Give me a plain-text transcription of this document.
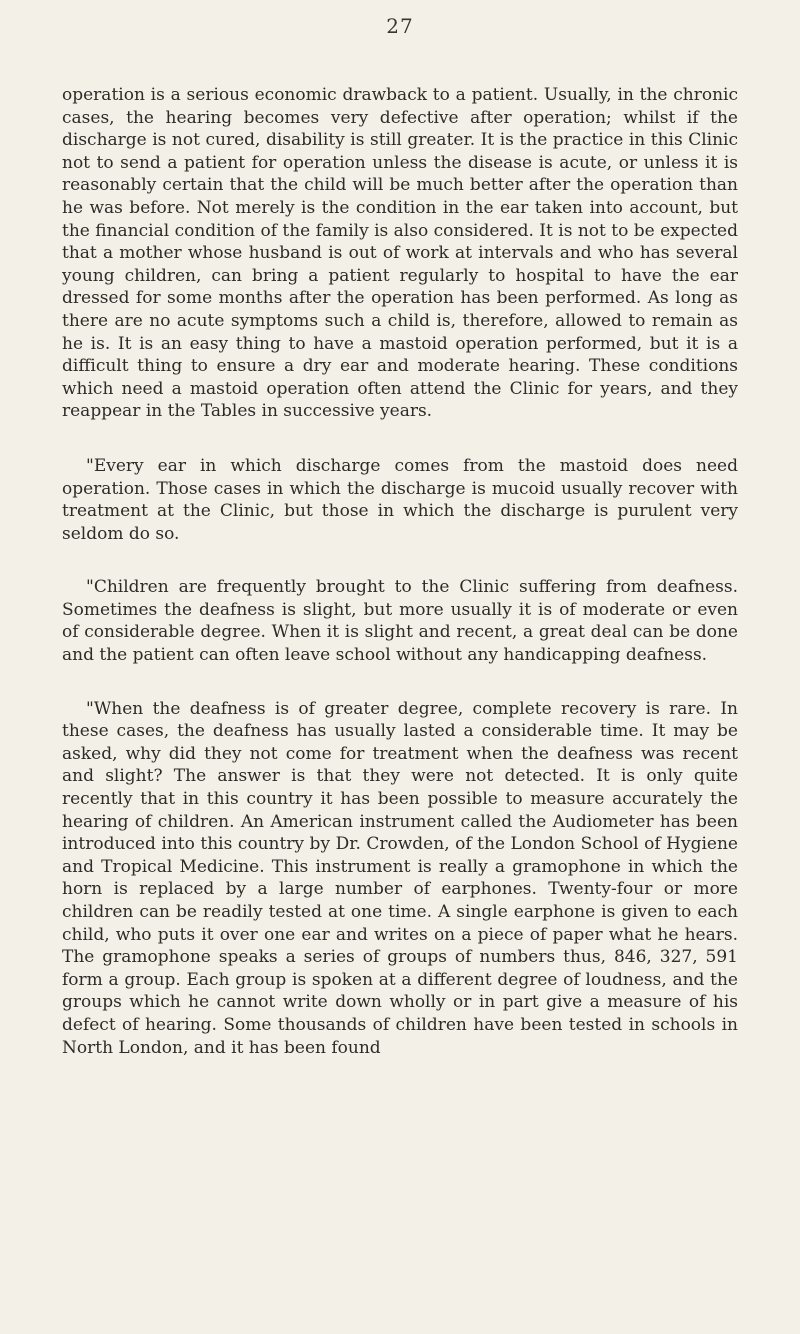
27

operation is a serious economic drawback to a patient. Usually, in the chronic cases, the hearing becomes very defective after operation; whilst if the discharge is not cured, disability is still greater. It is the practice in this Clinic not to send a patient for operation unless the disease is acute, or unless it is reasonably certain that the child will be much better after the operation than he was before. Not merely is the condition in the ear taken into account, but the financial condition of the family is also considered. It is not to be expected that a mother whose husband is out of work at intervals and who has several young children, can bring a patient regularly to hospital to have the ear dressed for some months after the operation has been performed. As long as there are no acute symptoms such a child is, therefore, allowed to remain as he is. It is an easy thing to have a mastoid operation performed, but it is a difficult thing to ensure a dry ear and moderate hearing. These conditions which need a mastoid operation often attend the Clinic for years, and they reappear in the Tables in successive years.

"Every ear in which discharge comes from the mastoid does need operation. Those cases in which the discharge is mucoid usually recover with treatment at the Clinic, but those in which the discharge is purulent very seldom do so.

"Children are frequently brought to the Clinic suffering from deafness. Sometimes the deafness is slight, but more usually it is of moderate or even of considerable degree. When it is slight and recent, a great deal can be done and the patient can often leave school without any handicapping deafness.

"When the deafness is of greater degree, complete recovery is rare. In these cases, the deafness has usually lasted a considerable time. It may be asked, why did they not come for treatment when the deafness was recent and slight? The answer is that they were not detected. It is only quite recently that in this country it has been possible to measure accurately the hearing of children. An American instrument called the Audiometer has been introduced into this country by Dr. Crowden, of the London School of Hygiene and Tropical Medicine. This instrument is really a gramophone in which the horn is replaced by a large number of earphones. Twenty-four or more children can be readily tested at one time. A single earphone is given to each child, who puts it over one ear and writes on a piece of paper what he hears. The gramophone speaks a series of groups of numbers thus, 846, 327, 591 form a group. Each group is spoken at a different degree of loudness, and the groups which he cannot write down wholly or in part give a measure of his defect of hearing. Some thousands of children have been tested in schools in North London, and it has been found
